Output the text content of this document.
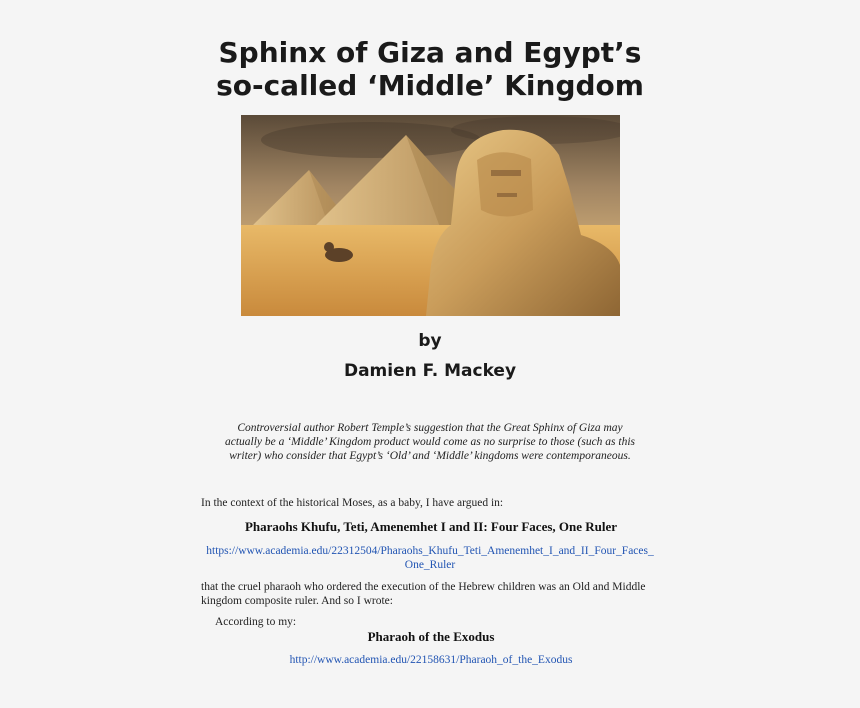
Sphinx of Giza and Egypt’s
so-called ‘Middle’ Kingdom
by
Damien F. Mackey

Controversial author Robert Temple’s suggestion that the Great Sphinx of Giza may

actually be a ‘Middle’ Kingdom product would come as no surprise to those (such as this

writer) who consider that Egypt’s ‘Old’ and ‘Middle’ kingdoms were contemporaneous.

In the context of the historical Moses, as a baby, I have argued in:
Pharaohs Khufu, Teti, Amenemhet I and II: Four Faces, One Ruler
https://www.academia.edu/22312504/Pharaohs_Khufu_Teti_Amenemhet_I_and_II_Four_Faces_
One_Ruler
that the cruel pharaoh who ordered the execution of the Hebrew children was an Old and Middle
kingdom composite ruler. And so I wrote:
According to my:
Pharaoh of the Exodus
http://www.academia.edu/22158631/Pharaoh_of_the_Exodus
